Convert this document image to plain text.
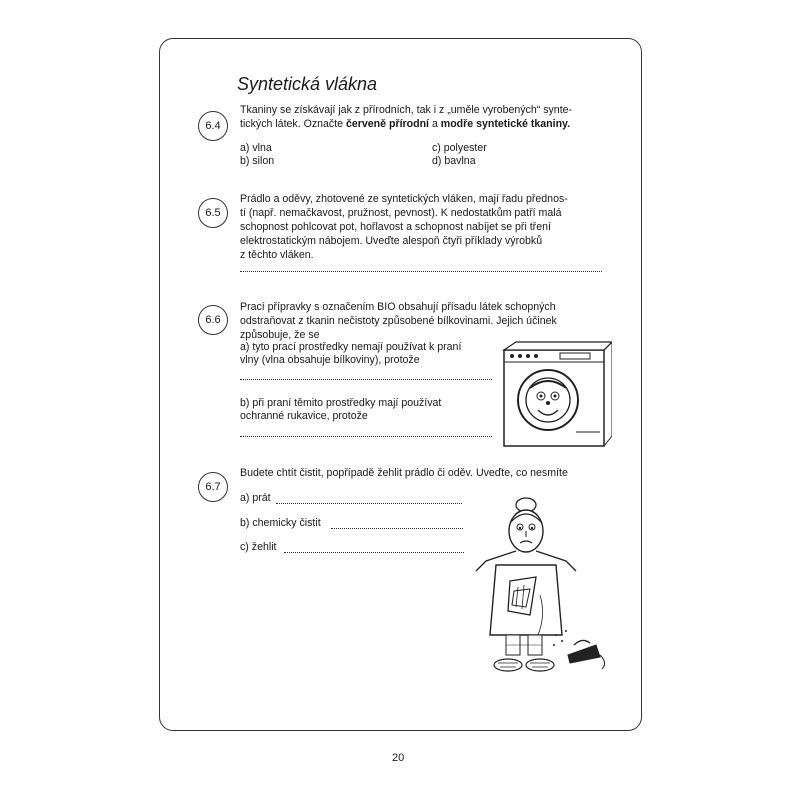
Syntetická vlákna
6.4
Tkaniny se získávají jak z přírodních, tak i z „uměle vyrobených“ synte-
tických látek. Označte červeně přírodní a modře syntetické tkaniny.
a) vlna
b) silon
c) polyester
d) bavlna
6.5
Prádlo a oděvy, zhotovené ze syntetických vláken, mají řadu přednos-
tí (např. nemačkavost, pružnost, pevnost). K nedostatkům patří malá
schopnost pohlcovat pot, hořlavost a schopnost nabíjet se při tření
elektrostatickým nábojem. Uveďte alespoň čtyři příklady výrobků
z těchto vláken.
6.6
Prací přípravky s označením BIO obsahují přísadu látek schopných
odstraňovat z tkanin nečistoty způsobené bílkovinami. Jejich účinek
způsobuje, že se
a) tyto prací prostředky nemají používat k praní
vlny (vlna obsahuje bílkoviny), protože
b) při praní těmito prostředky mají používat
ochranné rukavice, protože
6.7
Budete chtít čistit, popřípadě žehlit prádlo či oděv. Uveďte, co nesmíte
a) prát
b) chemicky čistit
c) žehlit
20
